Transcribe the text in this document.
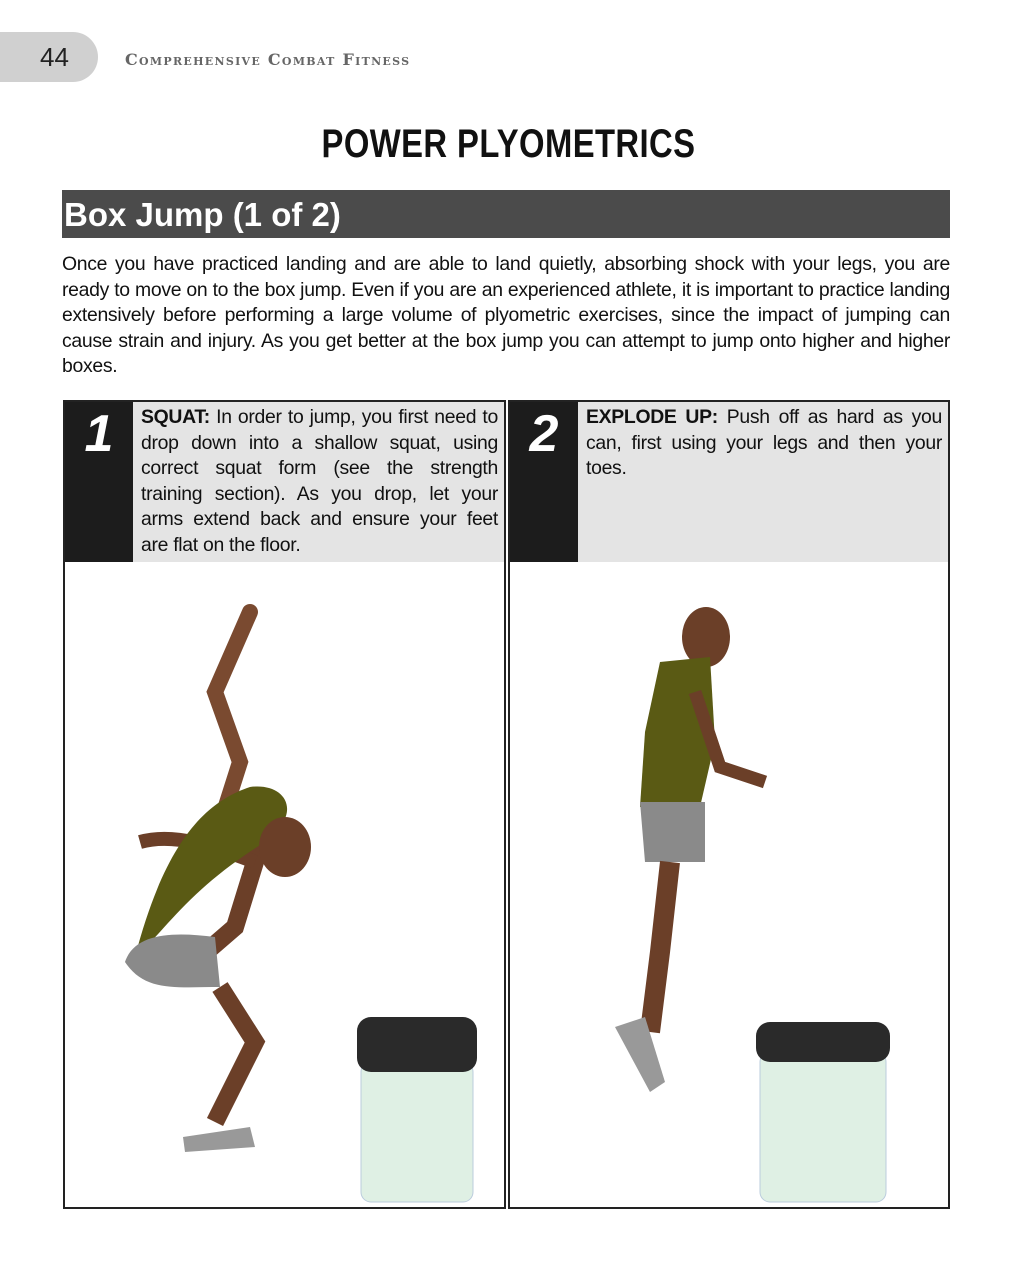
44	Comprehensive Combat Fitness
POWER PLYOMETRICS
Box Jump (1 of 2)

Once you have practiced landing and are able to land quietly, absorbing shock with your legs, you are ready to move on to the box jump. Even if you are an experienced athlete, it is important to practice landing extensively before performing a large volume of plyometric exercises, since the impact of jumping can cause strain and injury. As you get better at the box jump you can attempt to jump onto higher and higher boxes.

1	SQUAT: In order to jump, you first need to drop down into a shallow squat, using correct squat form (see the strength training section). As you drop, let your arms extend back and ensure your feet are flat on the floor.
2	EXPLODE UP: Push off as hard as you can, first using your legs and then your toes.
